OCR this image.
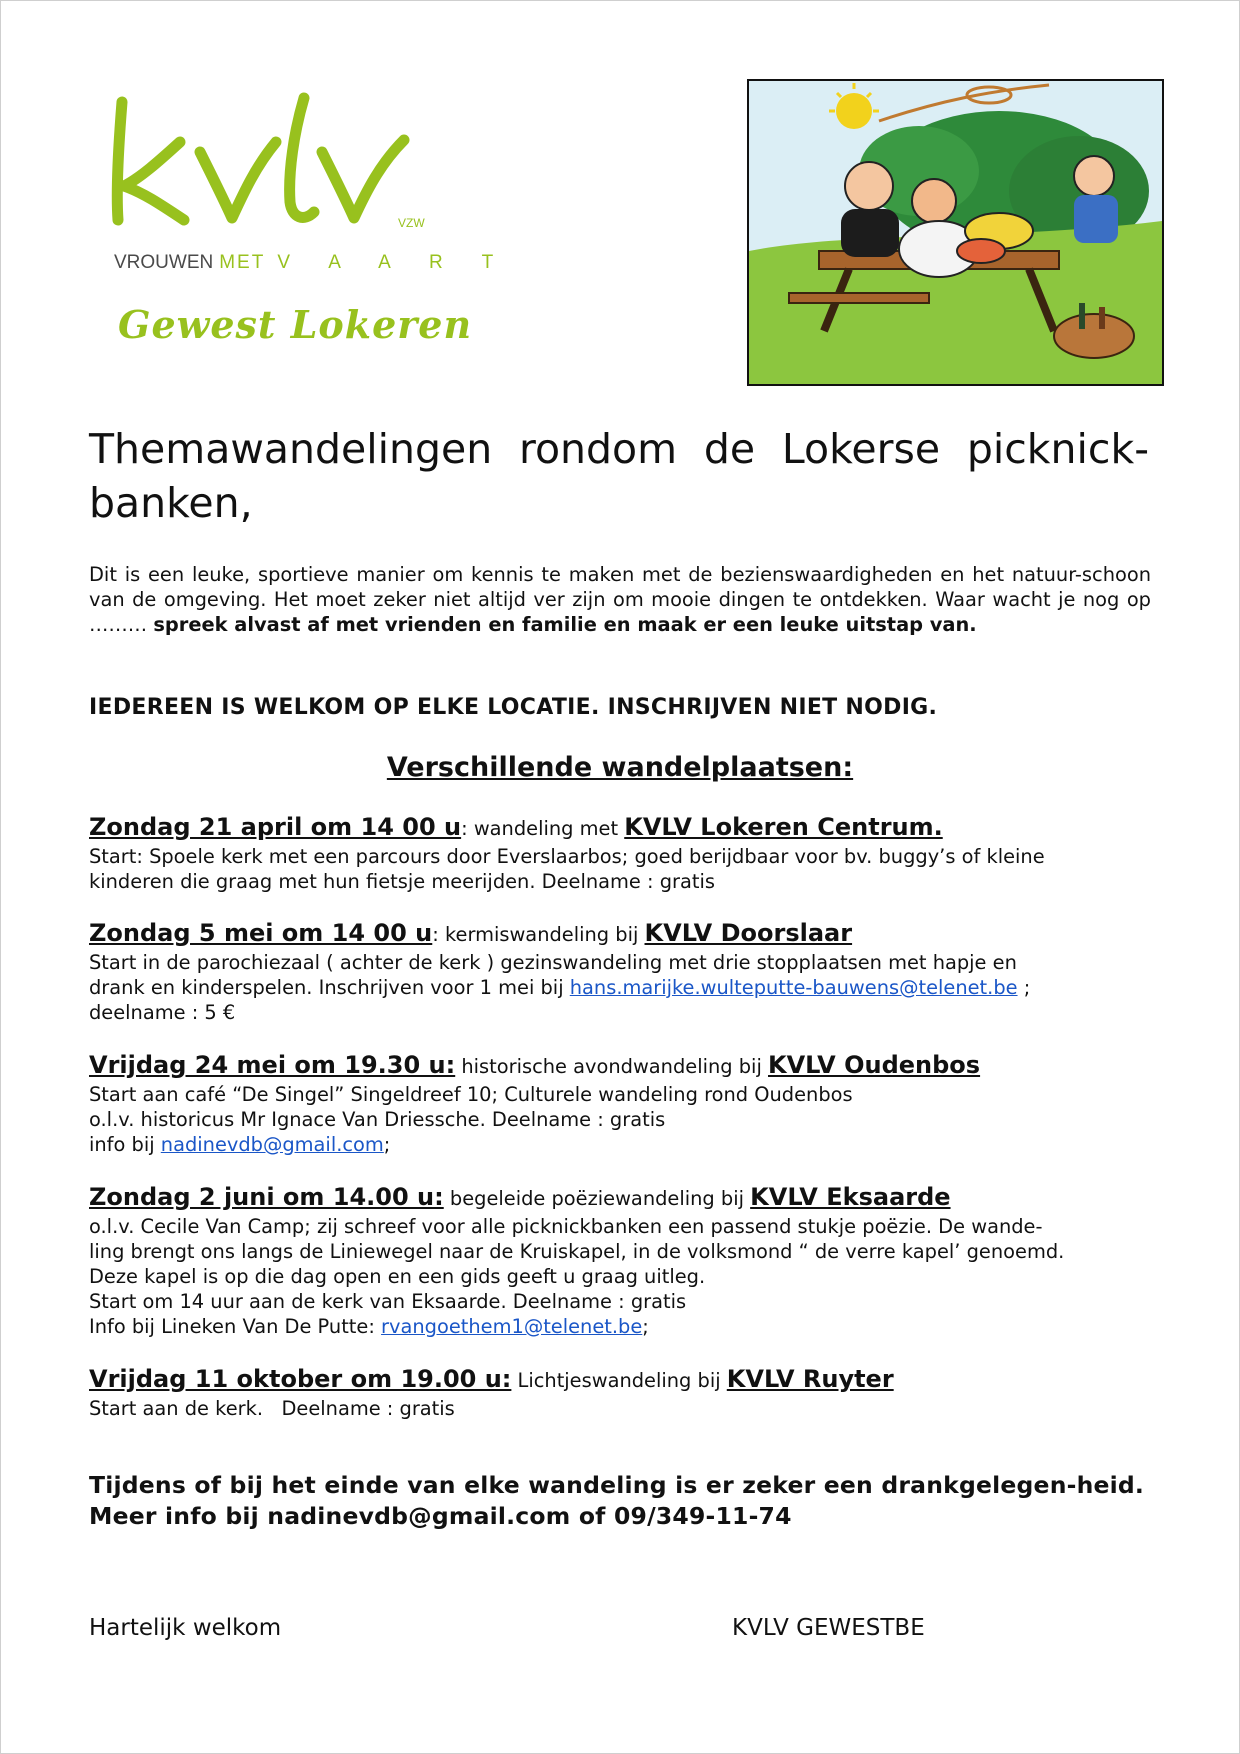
VZW
VROUWEN MET V A A R T
Gewest Lokeren
Themawandelingen rondom de Lokerse picknick-banken,

Dit is een leuke, sportieve manier om kennis te maken met de bezienswaardigheden en het natuur-schoon van de omgeving. Het moet zeker niet altijd ver zijn om mooie dingen te ontdekken. Waar wacht je nog op ……… spreek alvast af met vrienden en familie en maak er een leuke uitstap van.

IEDEREEN IS WELKOM OP ELKE LOCATIE. INSCHRIJVEN NIET NODIG.

Verschillende wandelplaatsen:
Zondag 21 april om 14 00 u: wandeling met KVLV Lokeren Centrum.
Start: Spoele kerk met een parcours door Everslaarbos; goed berijdbaar voor bv. buggy’s of kleine
kinderen die graag met hun fietsje meerijden. Deelname : gratis
Zondag 5 mei om 14 00 u: kermiswandeling bij KVLV Doorslaar
Start in de parochiezaal ( achter de kerk ) gezinswandeling met drie stopplaatsen met hapje en
drank en kinderspelen. Inschrijven voor 1 mei bij hans.marijke.wulteputte-bauwens@telenet.be ;
deelname : 5 €
Vrijdag 24 mei om 19.30 u: historische avondwandeling bij KVLV Oudenbos
Start aan café “De Singel” Singeldreef 10; Culturele wandeling rond Oudenbos
o.l.v. historicus Mr Ignace Van Driessche. Deelname : gratis
info bij nadinevdb@gmail.com;
Zondag 2 juni om 14.00 u: begeleide poëziewandeling bij KVLV Eksaarde
o.l.v. Cecile Van Camp; zij schreef voor alle picknickbanken een passend stukje poëzie. De wande-
ling brengt ons langs de Liniewegel naar de Kruiskapel, in de volksmond “ de verre kapel’ genoemd.
Deze kapel is op die dag open en een gids geeft u graag uitleg.
Start om 14 uur aan de kerk van Eksaarde. Deelname : gratis
Info bij Lineken Van De Putte: rvangoethem1@telenet.be;
Vrijdag 11 oktober om 19.00 u: Lichtjeswandeling bij KVLV Ruyter
Start aan de kerk.   Deelname : gratis
Tijdens of bij het einde van elke wandeling is er zeker een drankgelegen-heid.
Meer info bij nadinevdb@gmail.com of 09/349-11-74
Hartelijk welkom	KVLV GEWESTBE
